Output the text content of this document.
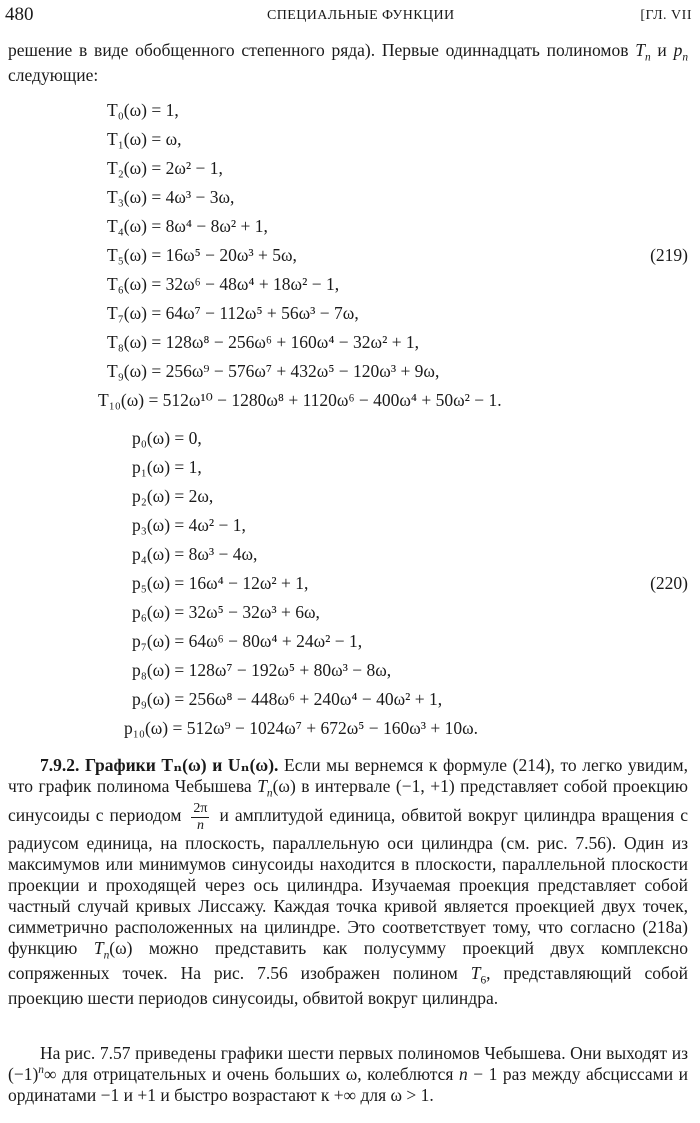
480	СПЕЦИАЛЬНЫЕ ФУНКЦИИ	[ГЛ. VII

решение в виде обобщенного степенного ряда). Первые одиннадцать полиномов $T_n$ и $p_n$ следующие:

T₀(ω) = 1,
T₁(ω) = ω,
T₂(ω) = 2ω² − 1,
T₃(ω) = 4ω³ − 3ω,
T₄(ω) = 8ω⁴ − 8ω² + 1,
T₅(ω) = 16ω⁵ − 20ω³ + 5ω,
T₆(ω) = 32ω⁶ − 48ω⁴ + 18ω² − 1,
T₇(ω) = 64ω⁷ − 112ω⁵ + 56ω³ − 7ω,
T₈(ω) = 128ω⁸ − 256ω⁶ + 160ω⁴ − 32ω² + 1,
T₉(ω) = 256ω⁹ − 576ω⁷ + 432ω⁵ − 120ω³ + 9ω,
T₁₀(ω) = 512ω¹⁰ − 1280ω⁸ + 1120ω⁶ − 400ω⁴ + 50ω² − 1.
(219)
p₀(ω) = 0,
p₁(ω) = 1,
p₂(ω) = 2ω,
p₃(ω) = 4ω² − 1,
p₄(ω) = 8ω³ − 4ω,
p₅(ω) = 16ω⁴ − 12ω² + 1,
p₆(ω) = 32ω⁵ − 32ω³ + 6ω,
p₇(ω) = 64ω⁶ − 80ω⁴ + 24ω² − 1,
p₈(ω) = 128ω⁷ − 192ω⁵ + 80ω³ − 8ω,
p₉(ω) = 256ω⁸ − 448ω⁶ + 240ω⁴ − 40ω² + 1,
p₁₀(ω) = 512ω⁹ − 1024ω⁷ + 672ω⁵ − 160ω³ + 10ω.
(220)

7.9.2. Графики Tₙ(ω) и Uₙ(ω). Если мы вернемся к формуле (214), то легко увидим, что график полинома Чебышева $T_n(\omega)$ в интервале (−1, +1) представляет собой проекцию синусоиды с периодом $\frac{2\pi}{n}$ и амплитудой единица, обвитой вокруг цилиндра вращения с радиусом единица, на плоскость, параллельную оси цилиндра (см. рис. 7.56). Один из максимумов или минимумов синусоиды находится в плоскости, параллельной плоскости проекции и проходящей через ось цилиндра. Изучаемая проекция представляет собой частный случай кривых Лиссажу. Каждая точка кривой является проекцией двух точек, симметрично расположенных на цилиндре. Это соответствует тому, что согласно (218а) функцию $T_n(\omega)$ можно представить как полусумму проекций двух комплексно сопряженных точек. На рис. 7.56 изображен полином $T_6$, представляющий собой проекцию шести периодов синусоиды, обвитой вокруг цилиндра.

На рис. 7.57 приведены графики шести первых полиномов Чебышева. Они выходят из $(-1)^n\infty$ для отрицательных и очень больших ω, колеблются n − 1 раз между абсциссами и ординатами −1 и +1 и быстро возрастают к +∞ для ω > 1.
